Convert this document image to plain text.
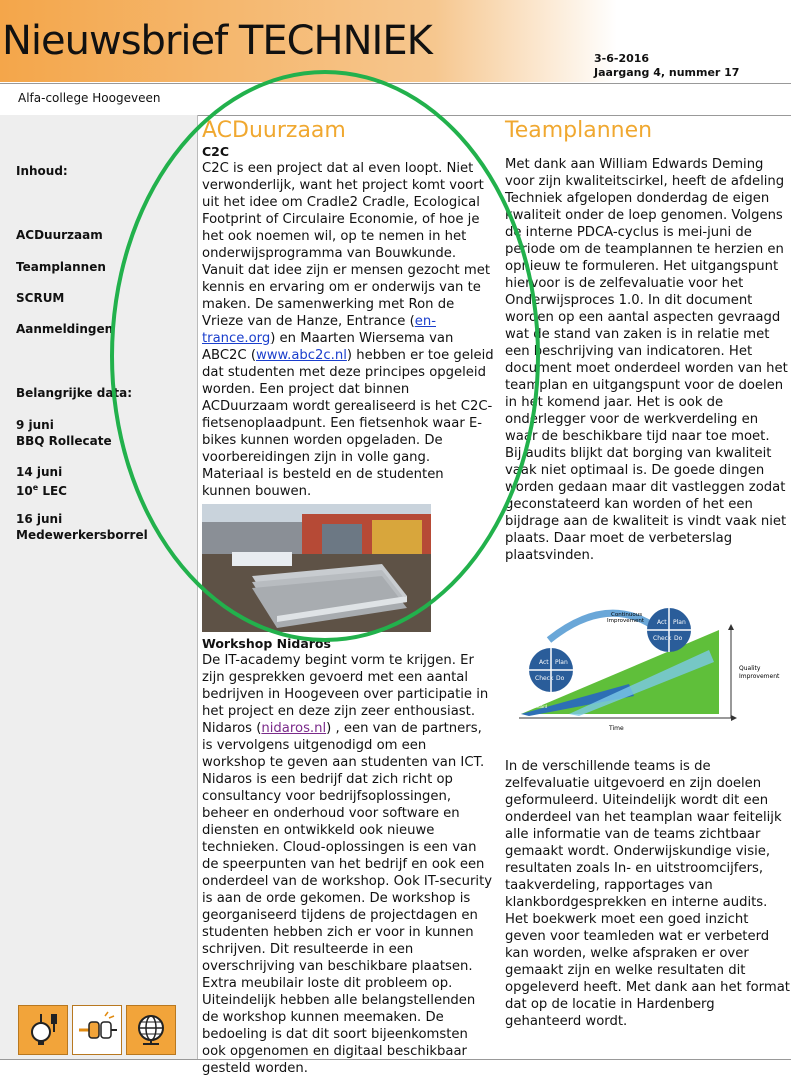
Nieuwsbrief TECHNIEK	3-6-2016
Jaargang 4, nummer 17
Alfa-college Hoogeveen
Inhoud:
ACDuurzaam
Teamplannen
SCRUM
Aanmeldingen
Belangrijke data:
9 juni
BBQ Rollecate
14 juni
10e LEC
16 juni
Medewerkersborrel
ACDuurzaam
C2C
C2C is een project dat al even loopt. Niet verwonderlijk, want het project komt voort uit het idee om Cradle2 Cradle, Ecological Footprint of Circulaire Economie, of hoe je het ook noemen wil, op te nemen in het onderwijsprogramma van Bouwkunde. Vanuit dat idee zijn er mensen gezocht met kennis en ervaring om er onderwijs van te maken. De samenwerking met Ron de Vrieze van de Hanze, Entrance (en-trance.org) en Maarten Wiersema van ABC2C (www.abc2c.nl) hebben er toe geleid dat studenten met deze principes opgeleid worden. Een project dat binnen ACDuurzaam wordt gerealiseerd is het C2C-fietsenoplaadpunt. Een fietsenhok waar E-bikes kunnen worden opgeladen. De voorbereidingen zijn in volle gang. Materiaal is besteld en de studenten kunnen bouwen.
Workshop Nidaros
De IT-academy begint vorm te krijgen. Er zijn gesprekken gevoerd met een aantal bedrijven in Hoogeveen over participatie in het project en deze zijn zeer enthousiast. Nidaros (nidaros.nl) , een van de partners, is vervolgens uitgenodigd om een workshop te geven aan studenten van ICT. Nidaros is een bedrijf dat zich richt op consultancy voor bedrijfsoplossingen, beheer en onderhoud voor software en diensten en ontwikkeld ook nieuwe technieken. Cloud-oplossingen is een van de speerpunten van het bedrijf en ook een onderdeel van de workshop. Ook IT-security is aan de orde gekomen. De workshop is georganiseerd tijdens de projectdagen en studenten hebben zich er voor in kunnen schrijven. Dit resulteerde in een overschrijving van beschikbare plaatsen. Extra meubilair loste dit probleem op. Uiteindelijk hebben alle belangstellenden de workshop kunnen meemaken. De bedoeling is dat dit soort bijeenkomsten ook opgenomen en digitaal beschikbaar gesteld worden.
Teamplannen
Met dank aan William Edwards Deming voor zijn kwaliteitscirkel, heeft de afdeling Techniek afgelopen donderdag de eigen kwaliteit onder de loep genomen. Volgens de interne PDCA-cyclus is mei-juni de periode om de teamplannen te herzien en opnieuw te formuleren. Het uitgangspunt hiervoor is de zelfevaluatie voor het Onderwijsproces 1.0. In dit document worden op een aantal aspecten gevraagd wat de stand van zaken is in relatie met een beschrijving van indicatoren. Het document moet onderdeel worden van het teamplan en uitgangspunt voor de doelen in het komend jaar. Het is ook de onderlegger voor de werkverdeling en waar de beschikbare tijd naar toe moet. Bij audits blijkt dat borging van kwaliteit vaak niet optimaal is. De goede dingen worden gedaan maar dit vastleggen zodat geconstateerd kan worden of het een bijdrage aan de kwaliteit is vindt vaak niet plaats. Daar moet de verbeterslag plaatsvinden.
Quality Improvement
Time
Standard
Continuous Improvement
Act Plan
Check Do
Act Plan
Check Do
In de verschillende teams is de zelfevaluatie uitgevoerd en zijn doelen geformuleerd. Uiteindelijk wordt dit een onderdeel van het teamplan waar feitelijk alle informatie van de teams zichtbaar gemaakt wordt. Onderwijskundige visie, resultaten zoals In- en uitstroomcijfers, taakverdeling, rapportages van klankbordgesprekken en interne audits. Het boekwerk moet een goed inzicht geven voor teamleden wat er verbeterd kan worden, welke afspraken er over gemaakt zijn en welke resultaten dit opgeleverd heeft. Met dank aan het format dat op de locatie in Hardenberg gehanteerd wordt.
